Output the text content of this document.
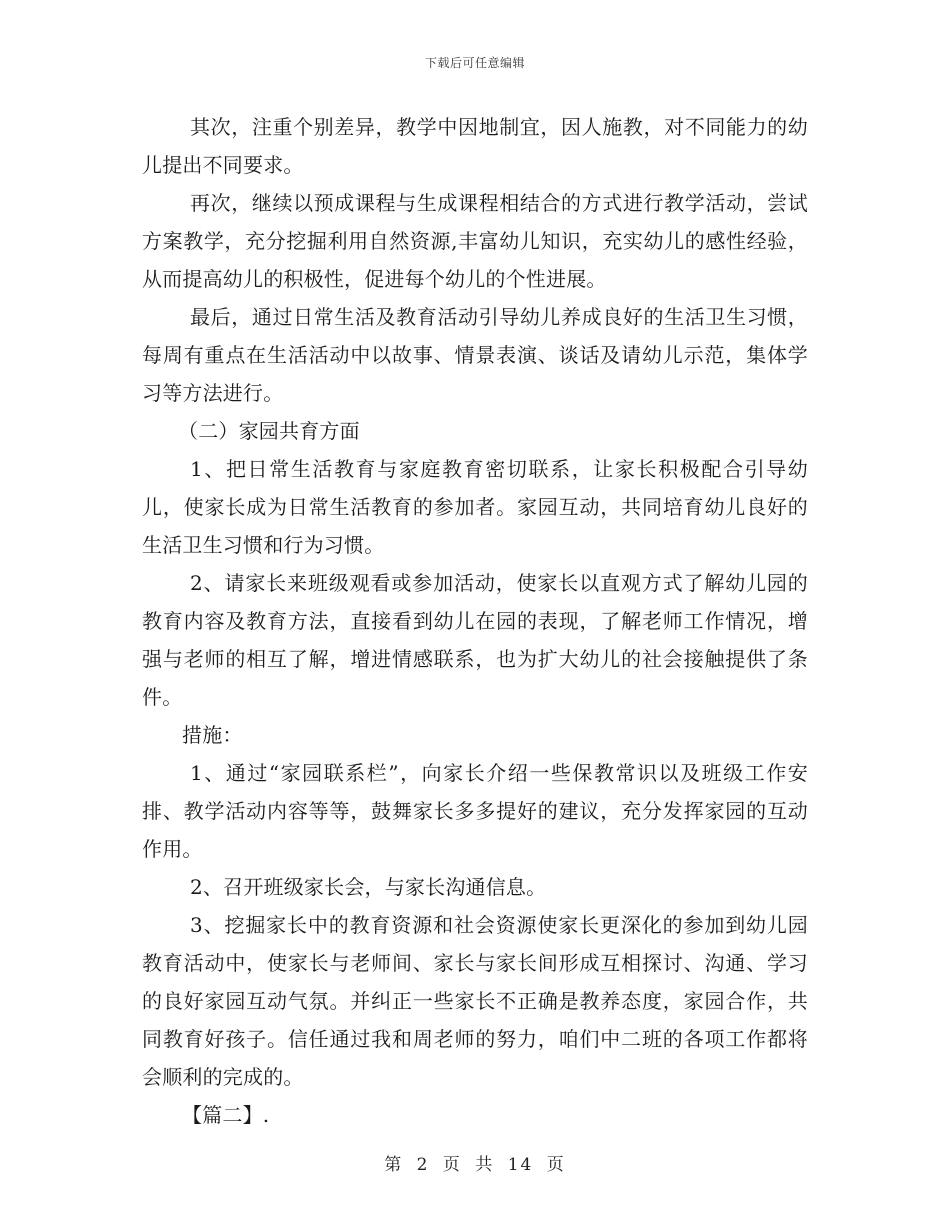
下载后可任意编辑

其次，注重个别差异，教学中因地制宜，因人施教，对不同能力的幼儿提出不同要求。

再次，继续以预成课程与生成课程相结合的方式进行教学活动，尝试方案教学，充分挖掘利用自然资源,丰富幼儿知识，充实幼儿的感性经验，从而提高幼儿的积极性，促进每个幼儿的个性进展。

最后，通过日常生活及教育活动引导幼儿养成良好的生活卫生习惯，每周有重点在生活活动中以故事、情景表演、谈话及请幼儿示范，集体学习等方法进行。

（二）家园共育方面

1、把日常生活教育与家庭教育密切联系，让家长积极配合引导幼儿，使家长成为日常生活教育的参加者。家园互动，共同培育幼儿良好的生活卫生习惯和行为习惯。

2、请家长来班级观看或参加活动，使家长以直观方式了解幼儿园的教育内容及教育方法，直接看到幼儿在园的表现，了解老师工作情况，增强与老师的相互了解，增进情感联系，也为扩大幼儿的社会接触提供了条件。

措施：

1、通过“家园联系栏”，向家长介绍一些保教常识以及班级工作安排、教学活动内容等等，鼓舞家长多多提好的建议，充分发挥家园的互动作用。

2、召开班级家长会，与家长沟通信息。

3、挖掘家长中的教育资源和社会资源使家长更深化的参加到幼儿园教育活动中，使家长与老师间、家长与家长间形成互相探讨、沟通、学习的良好家园互动气氛。并纠正一些家长不正确是教养态度，家园合作，共同教育好孩子。信任通过我和周老师的努力，咱们中二班的各项工作都将会顺利的完成的。

【篇二】.

第 2 页 共 14 页
